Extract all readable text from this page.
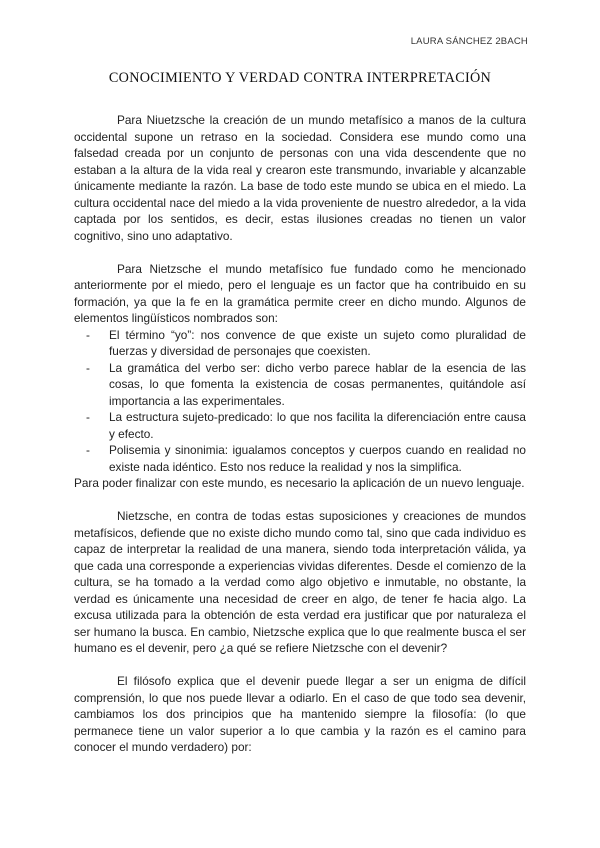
LAURA SÁNCHEZ 2BACH
CONOCIMIENTO Y VERDAD CONTRA INTERPRETACIÓN

Para Niuetzsche la creación de un mundo metafísico a manos de la cultura occidental supone un retraso en la sociedad. Considera ese mundo como una falsedad creada por un conjunto de personas con una vida descendente que no estaban a la altura de la vida real y crearon este transmundo, invariable y alcanzable únicamente mediante la razón. La base de todo este mundo se ubica en el miedo. La cultura occidental nace del miedo a la vida proveniente de nuestro alrededor, a la vida captada por los sentidos, es decir, estas ilusiones creadas no tienen un valor cognitivo, sino uno adaptativo.

Para Nietzsche el mundo metafísico fue fundado como he mencionado anteriormente por el miedo, pero el lenguaje es un factor que ha contribuido en su formación, ya que la fe en la gramática permite creer en dicho mundo. Algunos de elementos lingüísticos nombrados son:

- El término “yo”: nos convence de que existe un sujeto como pluralidad de fuerzas y diversidad de personajes que coexisten.
- La gramática del verbo ser: dicho verbo parece hablar de la esencia de las cosas, lo que fomenta la existencia de cosas permanentes, quitándole así importancia a las experimentales.
- La estructura sujeto-predicado: lo que nos facilita la diferenciación entre causa y efecto.
- Polisemia y sinonimia: igualamos conceptos y cuerpos cuando en realidad no existe nada idéntico. Esto nos reduce la realidad y nos la simplifica.

Para poder finalizar con este mundo, es necesario la aplicación de un nuevo lenguaje.

Nietzsche, en contra de todas estas suposiciones y creaciones de mundos metafísicos, defiende que no existe dicho mundo como tal, sino que cada individuo es capaz de interpretar la realidad de una manera, siendo toda interpretación válida, ya que cada una corresponde a experiencias vividas diferentes. Desde el comienzo de la cultura, se ha tomado a la verdad como algo objetivo e inmutable, no obstante, la verdad es únicamente una necesidad de creer en algo, de tener fe hacia algo. La excusa utilizada para la obtención de esta verdad era justificar que por naturaleza el ser humano la busca. En cambio, Nietzsche explica que lo que realmente busca el ser humano es el devenir, pero ¿a qué se refiere Nietzsche con el devenir?

El filósofo explica que el devenir puede llegar a ser un enigma de difícil comprensión, lo que nos puede llevar a odiarlo. En el caso de que todo sea devenir, cambiamos los dos principios que ha mantenido siempre la filosofía: (lo que permanece tiene un valor superior a lo que cambia y la razón es el camino para conocer el mundo verdadero) por:
